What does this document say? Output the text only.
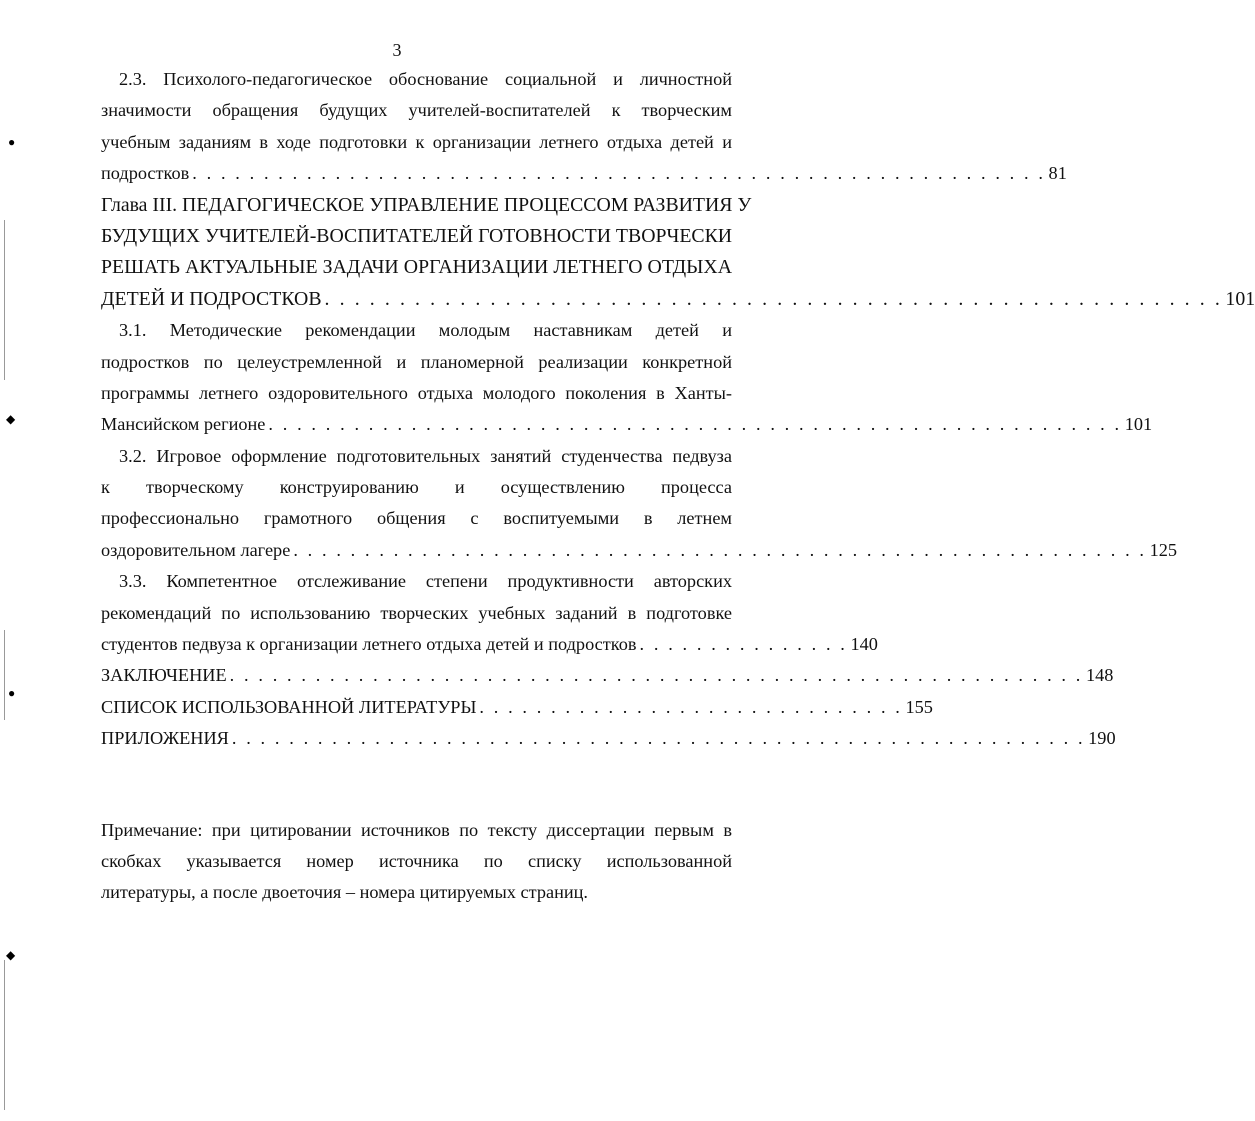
3
●
◆
●
◆
2.3. Психолого-педагогическое обоснование социальной и личностной
значимости обращения будущих учителей-воспитателей к творческим
учебным заданиям в ходе подготовки к организации летнего отдыха детей и
подростков . . . . . . . . . . . . . . . . . . . . . . . . . . . . . . . . . . . . . . . . . . . . . . . . . . . . . . . . . . . . 81
Глава III. ПЕДАГОГИЧЕСКОЕ УПРАВЛЕНИЕ ПРОЦЕССОМ РАЗВИТИЯ У
БУДУЩИХ УЧИТЕЛЕЙ-ВОСПИТАТЕЛЕЙ ГОТОВНОСТИ ТВОРЧЕСКИ
РЕШАТЬ АКТУАЛЬНЫЕ ЗАДАЧИ ОРГАНИЗАЦИИ ЛЕТНЕГО ОТДЫХА
ДЕТЕЙ И ПОДРОСТКОВ . . . . . . . . . . . . . . . . . . . . . . . . . . . . . . . . . . . . . . . . . . . . . . . . . . . . . . . . . . . . 101
3.1. Методические рекомендации молодым наставникам детей и
подростков по целеустремленной и планомерной реализации конкретной
программы летнего оздоровительного отдыха молодого поколения в Ханты-
Мансийском регионе . . . . . . . . . . . . . . . . . . . . . . . . . . . . . . . . . . . . . . . . . . . . . . . . . . . . . . . . . . . . 101
3.2. Игровое оформление подготовительных занятий студенчества педвуза
к творческому конструированию и осуществлению процесса
профессионально грамотного общения с воспитуемыми в летнем
оздоровительном лагере . . . . . . . . . . . . . . . . . . . . . . . . . . . . . . . . . . . . . . . . . . . . . . . . . . . . . . . . . . . . 125
3.3. Компетентное отслеживание степени продуктивности авторских
рекомендаций по использованию творческих учебных заданий в подготовке
студентов педвуза к организации летнего отдыха детей и подростков . . . . . . . . . . . . . . . 140
ЗАКЛЮЧЕНИЕ . . . . . . . . . . . . . . . . . . . . . . . . . . . . . . . . . . . . . . . . . . . . . . . . . . . . . . . . . . . . 148
СПИСОК ИСПОЛЬЗОВАННОЙ ЛИТЕРАТУРЫ . . . . . . . . . . . . . . . . . . . . . . . . . . . . . . 155
ПРИЛОЖЕНИЯ . . . . . . . . . . . . . . . . . . . . . . . . . . . . . . . . . . . . . . . . . . . . . . . . . . . . . . . . . . . . 190
Примечание: при цитировании источников по тексту диссертации первым в
скобках указывается номер источника по списку использованной
литературы, а после двоеточия – номера цитируемых страниц.
